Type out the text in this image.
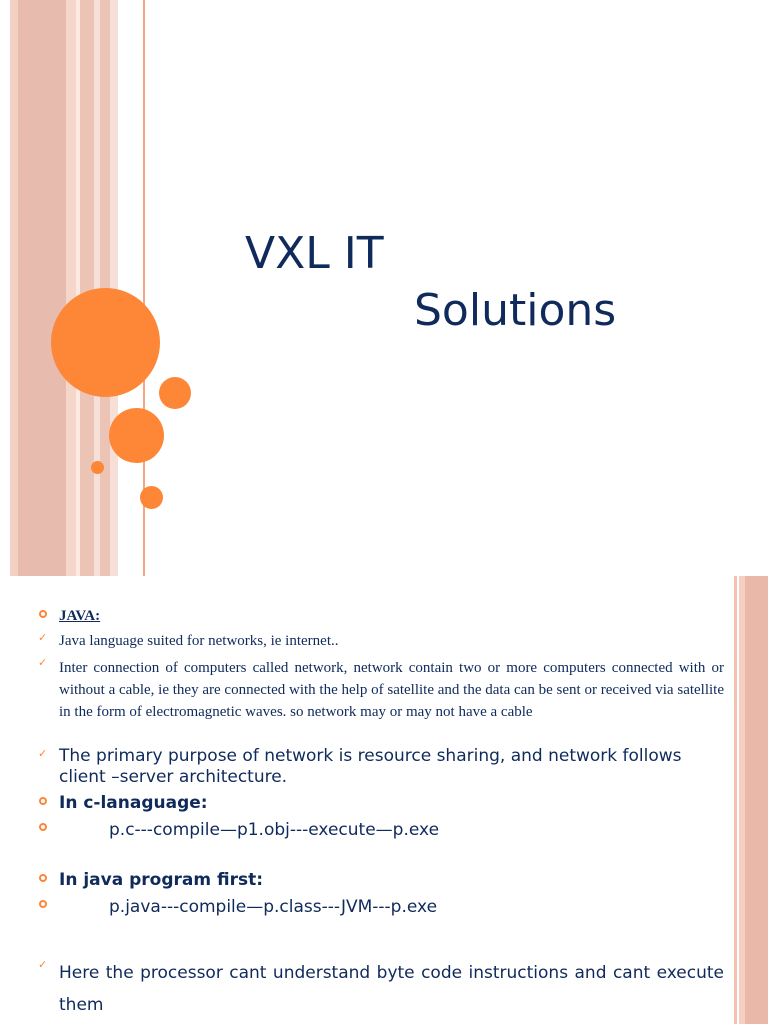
VXL IT
Solutions
JAVA:
✓ Java language suited for networks, ie internet..
✓ Inter connection of computers called network, network contain two or more computers connected with or without a cable, ie they are connected with the help of satellite and the data can be sent or received via satellite in the form of electromagnetic waves. so network may or may not have a cable
✓ The primary purpose of network is resource sharing, and network follows client –server architecture.
In c-lanaguage:
p.c---compile—p1.obj---execute—p.exe
In java program first:
p.java---compile—p.class---JVM---p.exe
✓ Here the processor cant understand byte code instructions and cant execute them
